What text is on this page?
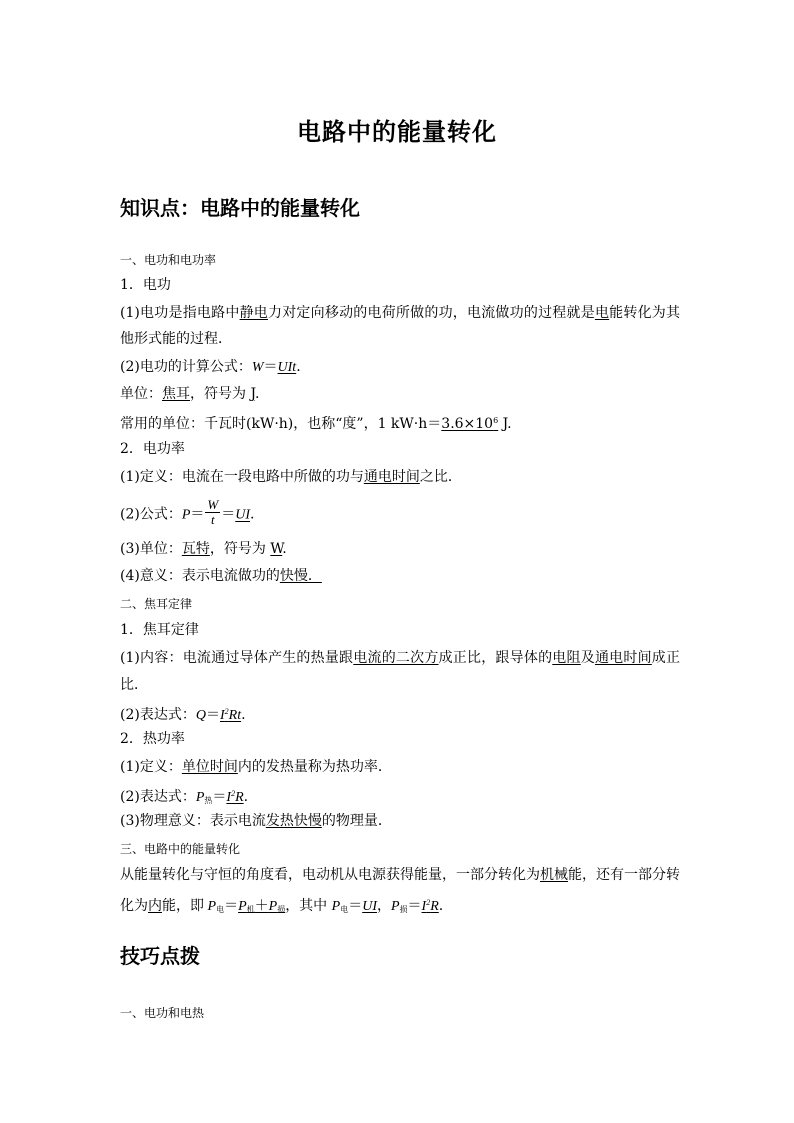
电路中的能量转化
知识点：电路中的能量转化
一、电功和电功率
1．电功
(1)电功是指电路中静电力对定向移动的电荷所做的功，电流做功的过程就是电能转化为其
他形式能的过程．
(2)电功的计算公式：W＝UIt.
单位：焦耳，符号为 J.
常用的单位：千瓦时(kW·h)，也称“度”，1 $kW\cdot h=3.6\times 10^6$ J.
2．电功率
(1)定义：电流在一段电路中所做的功与通电时间之比．
(2)公式：$P= \frac{W}{t} =UI$.
(3)单位：瓦特，符号为 W.
(4)意义：表示电流做功的快慢．
二、焦耳定律
1．焦耳定律
(1)内容：电流通过导体产生的热量跟电流的二次方成正比，跟导体的电阻及通电时间成正
比．
(2)表达式：$Q=I^2Rt$.
2．热功率
(1)定义：单位时间内的发热量称为热功率．
(2)表达式：$P_热=I^2R$.
(3)物理意义：表示电流发热快慢的物理量．
三、电路中的能量转化
从能量转化与守恒的角度看，电动机从电源获得能量，一部分转化为机械能，还有一部分转
化为内能，即 $P_电=P_机+P_损$，其中 $P_电=UI$，$P_损=I^2R$.
技巧点拨
一、电功和电热
